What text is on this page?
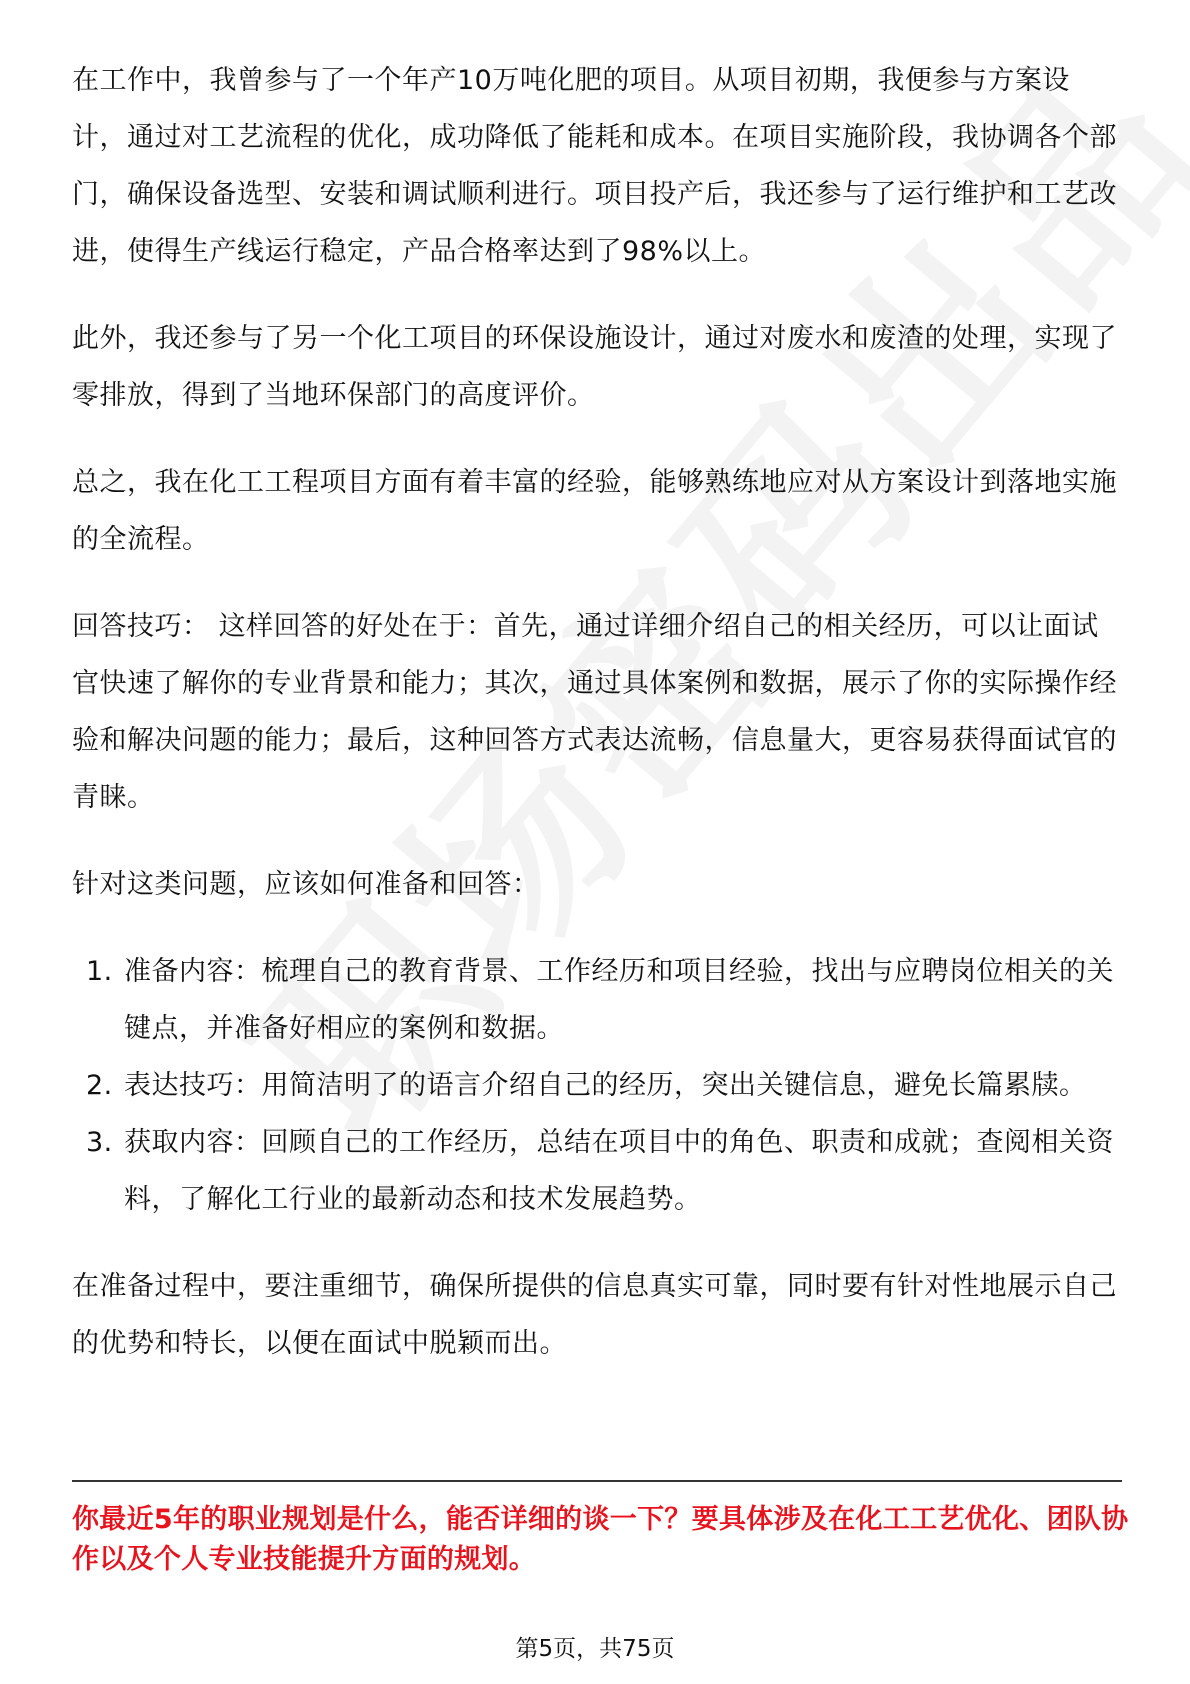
在工作中，我曾参与了一个年产10万吨化肥的项目。从项目初期，我便参与方案设计，通过对工艺流程的优化，成功降低了能耗和成本。在项目实施阶段，我协调各个部门，确保设备选型、安装和调试顺利进行。项目投产后，我还参与了运行维护和工艺改进，使得生产线运行稳定，产品合格率达到了98%以上。

此外，我还参与了另一个化工项目的环保设施设计，通过对废水和废渣的处理，实现了零排放，得到了当地环保部门的高度评价。

总之，我在化工工程项目方面有着丰富的经验，能够熟练地应对从方案设计到落地实施的全流程。

回答技巧： 这样回答的好处在于：首先，通过详细介绍自己的相关经历，可以让面试官快速了解你的专业背景和能力；其次，通过具体案例和数据，展示了你的实际操作经验和解决问题的能力；最后，这种回答方式表达流畅，信息量大，更容易获得面试官的青睐。

针对这类问题，应该如何准备和回答：

1. 准备内容：梳理自己的教育背景、工作经历和项目经验，找出与应聘岗位相关的关键点，并准备好相应的案例和数据。
2. 表达技巧：用简洁明了的语言介绍自己的经历，突出关键信息，避免长篇累牍。
3. 获取内容：回顾自己的工作经历，总结在项目中的角色、职责和成就；查阅相关资料，了解化工行业的最新动态和技术发展趋势。

在准备过程中，要注重细节，确保所提供的信息真实可靠，同时要有针对性地展示自己的优势和特长，以便在面试中脱颖而出。

你最近5年的职业规划是什么，能否详细的谈一下？要具体涉及在化工工艺优化、团队协作以及个人专业技能提升方面的规划。
第5页，共75页
